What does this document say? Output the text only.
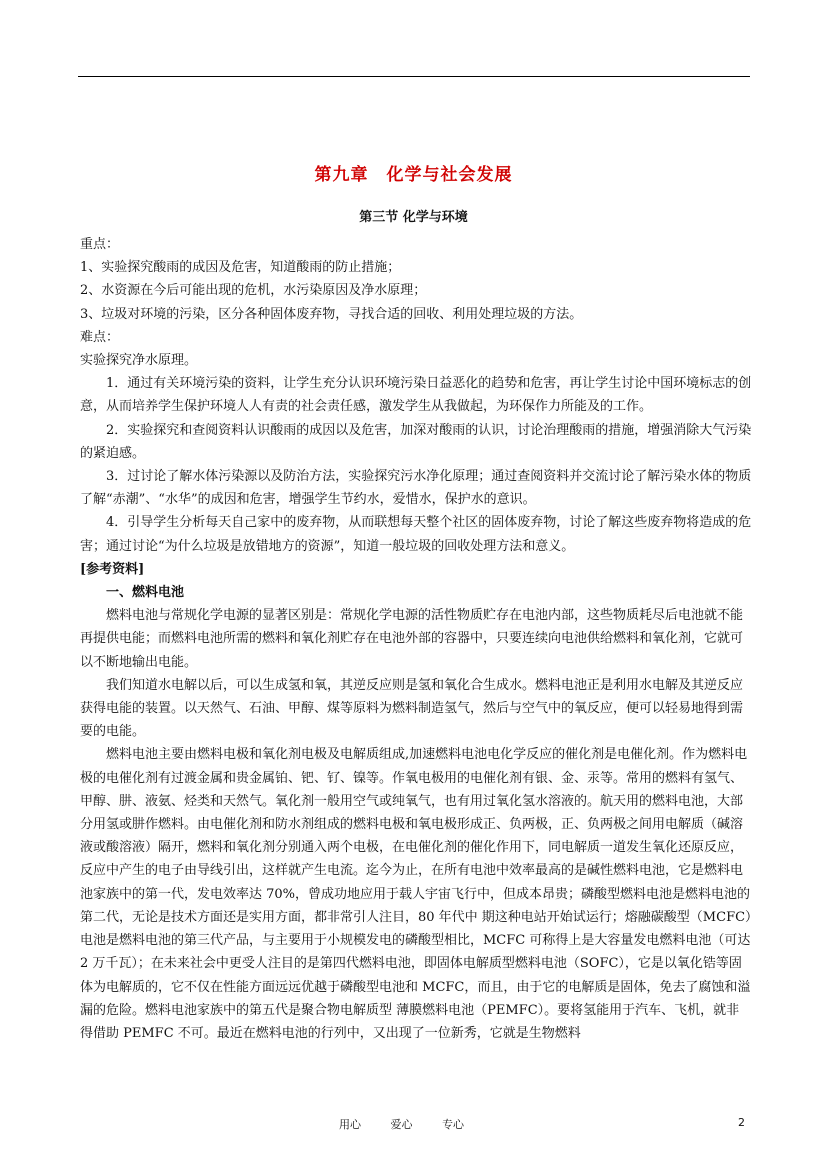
第九章　化学与社会发展
第三节 化学与环境

重点：

1、实验探究酸雨的成因及危害，知道酸雨的防止措施；

2、水资源在今后可能出现的危机，水污染原因及净水原理；

3、垃圾对环境的污染，区分各种固体废弃物，寻找合适的回收、利用处理垃圾的方法。

难点：

实验探究净水原理。

1．通过有关环境污染的资料，让学生充分认识环境污染日益恶化的趋势和危害，再让学生讨论中国环境标志的创意，从而培养学生保护环境人人有责的社会责任感，激发学生从我做起，为环保作力所能及的工作。

2．实验探究和查阅资料认识酸雨的成因以及危害，加深对酸雨的认识，讨论治理酸雨的措施，增强消除大气污染的紧迫感。

3．过讨论了解水体污染源以及防治方法，实验探究污水净化原理；通过查阅资料并交流讨论了解污染水体的物质了解“赤潮”、“水华”的成因和危害，增强学生节约水，爱惜水，保护水的意识。

4．引导学生分析每天自己家中的废弃物，从而联想每天整个社区的固体废弃物，讨论了解这些废弃物将造成的危害；通过讨论“为什么垃圾是放错地方的资源”，知道一般垃圾的回收处理方法和意义。

[参考资料]

一、燃料电池

燃料电池与常规化学电源的显著区别是：常规化学电源的活性物质贮存在电池内部，这些物质耗尽后电池就不能再提供电能；而燃料电池所需的燃料和氧化剂贮存在电池外部的容器中，只要连续向电池供给燃料和氧化剂，它就可以不断地输出电能。

我们知道水电解以后，可以生成氢和氧，其逆反应则是氢和氧化合生成水。燃料电池正是利用水电解及其逆反应获得电能的装置。以天然气、石油、甲醇、煤等原料为燃料制造氢气，然后与空气中的氧反应，便可以轻易地得到需要的电能。

燃料电池主要由燃料电极和氧化剂电极及电解质组成,加速燃料电池电化学反应的催化剂是电催化剂。作为燃料电极的电催化剂有过渡金属和贵金属铂、钯、钌、镍等。作氧电极用的电催化剂有银、金、汞等。常用的燃料有氢气、甲醇、肼、液氨、烃类和天然气。氧化剂一般用空气或纯氧气，也有用过氧化氢水溶液的。航天用的燃料电池，大部分用氢或肼作燃料。由电催化剂和防水剂组成的燃料电极和氧电极形成正、负两极，正、负两极之间用电解质（碱溶液或酸溶液）隔开，燃料和氧化剂分别通入两个电极，在电催化剂的催化作用下，同电解质一道发生氧化还原反应，反应中产生的电子由导线引出，这样就产生电流。迄今为止，在所有电池中效率最高的是碱性燃料电池，它是燃料电池家族中的第一代，发电效率达 70%，曾成功地应用于载人宇宙飞行中，但成本昂贵；磷酸型燃料电池是燃料电池的第二代，无论是技术方面还是实用方面，都非常引人注目，80 年代中 期这种电站开始试运行；熔融碳酸型（MCFC）电池是燃料电池的第三代产品，与主要用于小规模发电的磷酸型相比，MCFC 可称得上是大容量发电燃料电池（可达 2 万千瓦）；在未来社会中更受人注目的是第四代燃料电池，即固体电解质型燃料电池（SOFC），它是以氧化锆等固体为电解质的，它不仅在性能方面远远优越于磷酸型电池和 MCFC，而且，由于它的电解质是固体，免去了腐蚀和溢漏的危险。燃料电池家族中的第五代是聚合物电解质型 薄膜燃料电池（PEMFC）。要将氢能用于汽车、飞机，就非得借助 PEMFC 不可。最近在燃料电池的行列中，又出现了一位新秀，它就是生物燃料

用心	爱心	专心	2
